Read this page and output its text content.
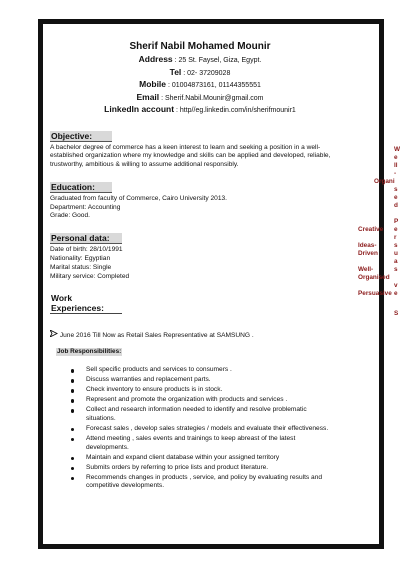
Sherif Nabil Mohamed Mounir
Address : 25 St. Faysel, Giza, Egypt.
Tel : 02- 37209028
Mobile : 01004873161, 01144355551
Email : Sherif.Nabil.Mounir@gmail.com
LinkedIn account : http//eg.linkedin.com/in/sherifmounir1
Objective:
A bachelor degree of commerce has a keen interest to learn and seeking a position in a well-established organization where my knowledge and skills can be applied and developed, reliable, trustworthy, ambitious & willing to assume additional responsibly.
Education:
Graduated from faculty of Commerce, Cairo University 2013.
Department: Accounting
Grade: Good.
Personal data:
Date of birth: 28/10/1991
Nationality: Egyptian
Marital status: Single
Military service: Completed
Work Experiences:
June 2016 Till Now as Retail Sales Representative at SAMSUNG .
Job Responsibilities:
Sell specific products and services to consumers .
Discuss warranties and replacement parts.
Check inventory to ensure products is in stock.
Represent and promote the organization with products and services .
Collect and research information needed to identify and resolve problematic situations.
Forecast sales , develop sales strategies / models and evaluate their effectiveness.
Attend meeting , sales events and trainings to keep abreast of the latest developments.
Maintain and expand client database within your assigned territory
Submits orders by referring to price lists and product literature.
Recommends changes in products , service, and policy by evaluating results and competitive developments.
W
e
ll
-
Organi
s
e
d
P
Creative e
r
Ideas-	s
Driven	u
a
Well-	s
Organised
v
Persuasive e
S
